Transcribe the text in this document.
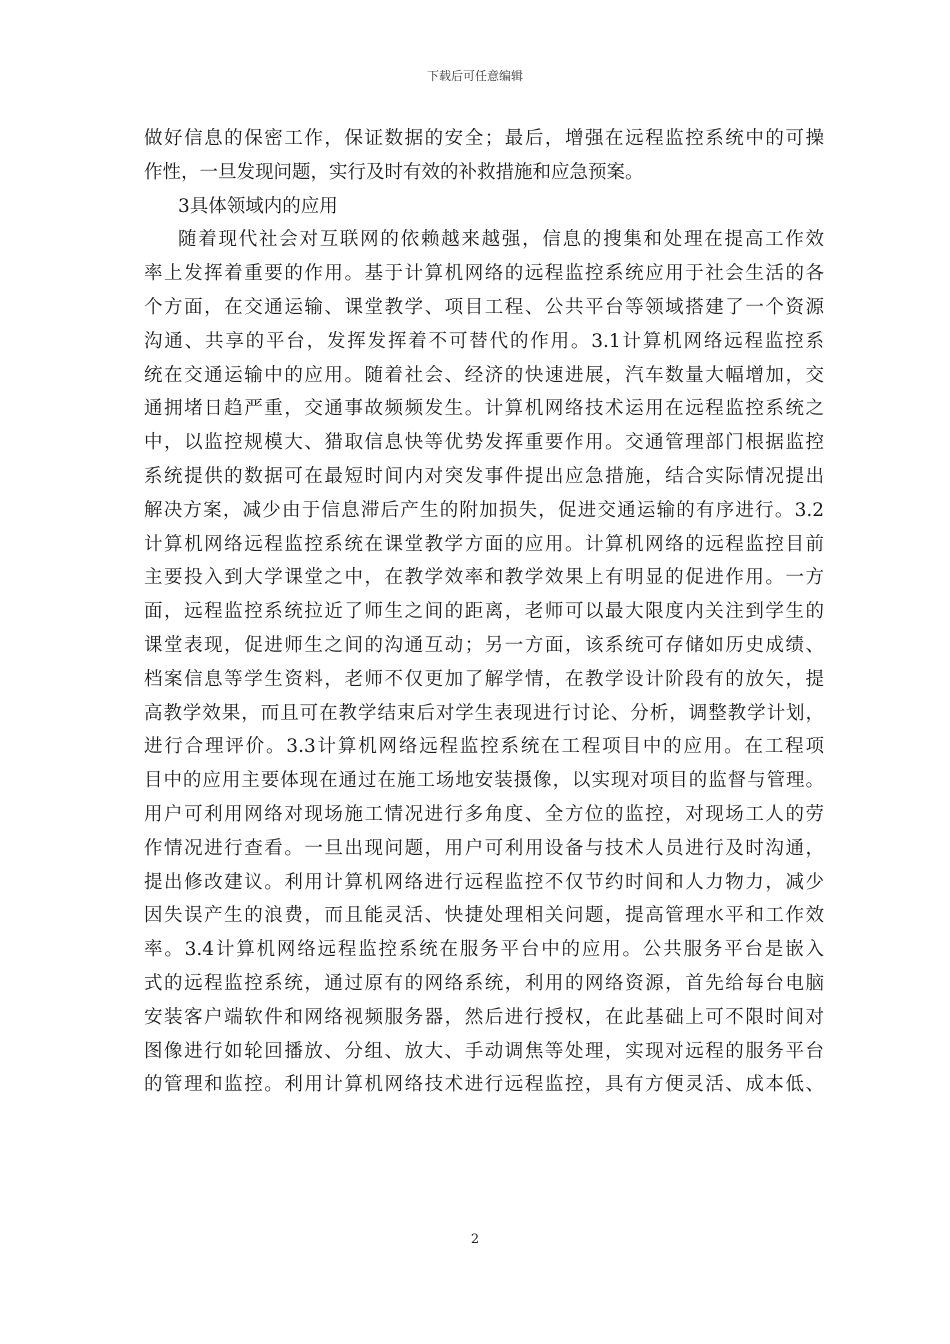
下载后可任意编辑
做好信息的保密工作，保证数据的安全；最后，增强在远程监控系统中的可操
作性，一旦发现问题，实行及时有效的补救措施和应急预案。
3具体领域内的应用
随着现代社会对互联网的依赖越来越强，信息的搜集和处理在提高工作效
率上发挥着重要的作用。基于计算机网络的远程监控系统应用于社会生活的各
个方面，在交通运输、课堂教学、项目工程、公共平台等领域搭建了一个资源
沟通、共享的平台，发挥发挥着不可替代的作用。3.1计算机网络远程监控系
统在交通运输中的应用。随着社会、经济的快速进展，汽车数量大幅增加，交
通拥堵日趋严重，交通事故频频发生。计算机网络技术运用在远程监控系统之
中，以监控规模大、猎取信息快等优势发挥重要作用。交通管理部门根据监控
系统提供的数据可在最短时间内对突发事件提出应急措施，结合实际情况提出
解决方案，减少由于信息滞后产生的附加损失，促进交通运输的有序进行。3.2
计算机网络远程监控系统在课堂教学方面的应用。计算机网络的远程监控目前
主要投入到大学课堂之中，在教学效率和教学效果上有明显的促进作用。一方
面，远程监控系统拉近了师生之间的距离，老师可以最大限度内关注到学生的
课堂表现，促进师生之间的沟通互动；另一方面，该系统可存储如历史成绩、
档案信息等学生资料，老师不仅更加了解学情，在教学设计阶段有的放矢，提
高教学效果，而且可在教学结束后对学生表现进行讨论、分析，调整教学计划，
进行合理评价。3.3计算机网络远程监控系统在工程项目中的应用。在工程项
目中的应用主要体现在通过在施工场地安装摄像，以实现对项目的监督与管理。
用户可利用网络对现场施工情况进行多角度、全方位的监控，对现场工人的劳
作情况进行查看。一旦出现问题，用户可利用设备与技术人员进行及时沟通，
提出修改建议。利用计算机网络进行远程监控不仅节约时间和人力物力，减少
因失误产生的浪费，而且能灵活、快捷处理相关问题，提高管理水平和工作效
率。3.4计算机网络远程监控系统在服务平台中的应用。公共服务平台是嵌入
式的远程监控系统，通过原有的网络系统，利用的网络资源，首先给每台电脑
安装客户端软件和网络视频服务器，然后进行授权，在此基础上可不限时间对
图像进行如轮回播放、分组、放大、手动调焦等处理，实现对远程的服务平台
的管理和监控。利用计算机网络技术进行远程监控，具有方便灵活、成本低、
2
